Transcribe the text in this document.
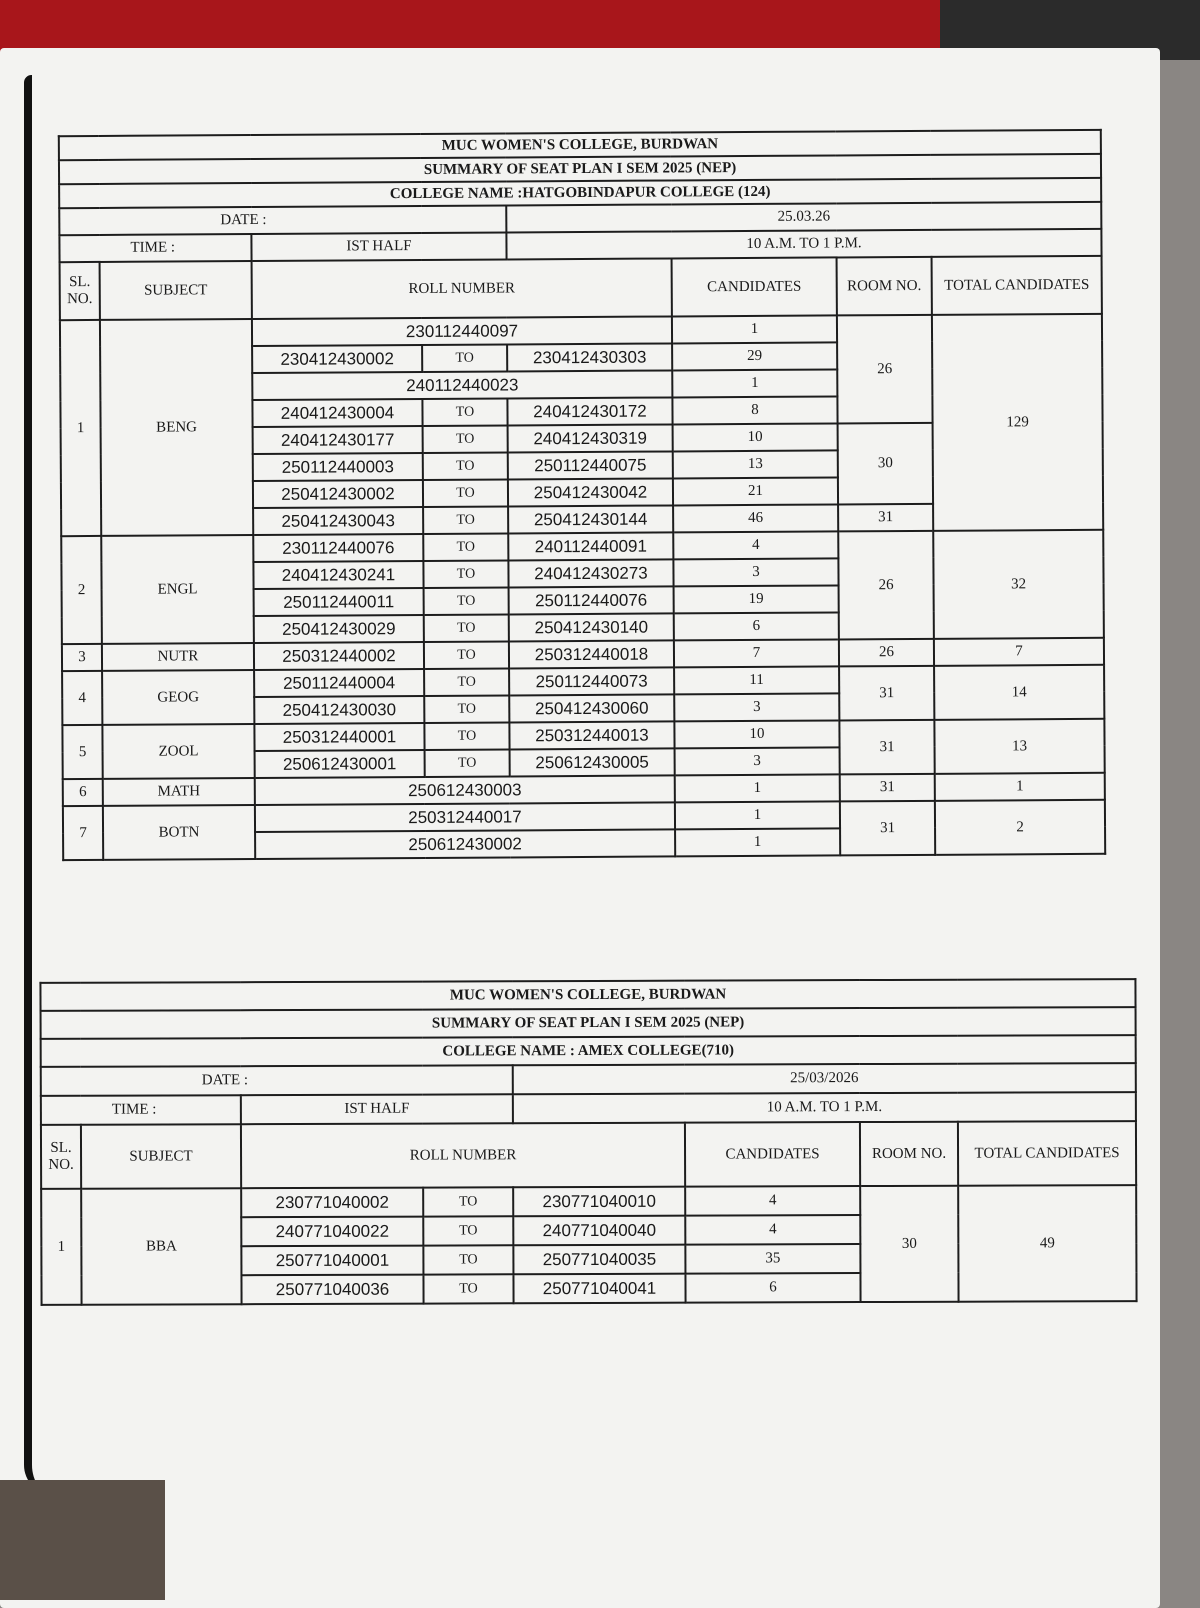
MUC WOMEN'S COLLEGE, BURDWAN							
SUMMARY OF SEAT PLAN I SEM 2025 (NEP)							
COLLEGE NAME :HATGOBINDAPUR COLLEGE (124)							
DATE :				25.03.26			
TIME :		IST HALF		10 A.M. TO 1 P.M.			
SL. NO.	SUBJECT	ROLL NUMBER			CANDIDATES	ROOM NO.	TOTAL CANDIDATES
1	BENG	230112440097			1	26	129
		230412430002	TO	230412430303	29		
		240112440023			1		
		240412430004	TO	240412430172	8		
		240412430177	TO	240412430319	10	30	
		250112440003	TO	250112440075	13		
		250412430002	TO	250412430042	21		
		250412430043	TO	250412430144	46	31	
2	ENGL	230112440076	TO	240112440091	4	26	32
		240412430241	TO	240412430273	3		
		250112440011	TO	250112440076	19		
		250412430029	TO	250412430140	6		
3	NUTR	250312440002	TO	250312440018	7	26	7
4	GEOG	250112440004	TO	250112440073	11	31	14
		250412430030	TO	250412430060	3		
5	ZOOL	250312440001	TO	250312440013	10	31	13
		250612430001	TO	250612430005	3		
6	MATH	250612430003			1	31	1
7	BOTN	250312440017			1	31	2
		250612430002			1		
MUC WOMEN'S COLLEGE, BURDWAN							
SUMMARY OF SEAT PLAN I SEM 2025 (NEP)							
COLLEGE NAME : AMEX COLLEGE(710)							
DATE :				25/03/2026			
TIME :		IST HALF		10 A.M. TO 1 P.M.			
SL. NO.	SUBJECT	ROLL NUMBER			CANDIDATES	ROOM NO.	TOTAL CANDIDATES
1	BBA	230771040002	TO	230771040010	4	30	49
		240771040022	TO	240771040040	4		
		250771040001	TO	250771040035	35		
		250771040036	TO	250771040041	6		
